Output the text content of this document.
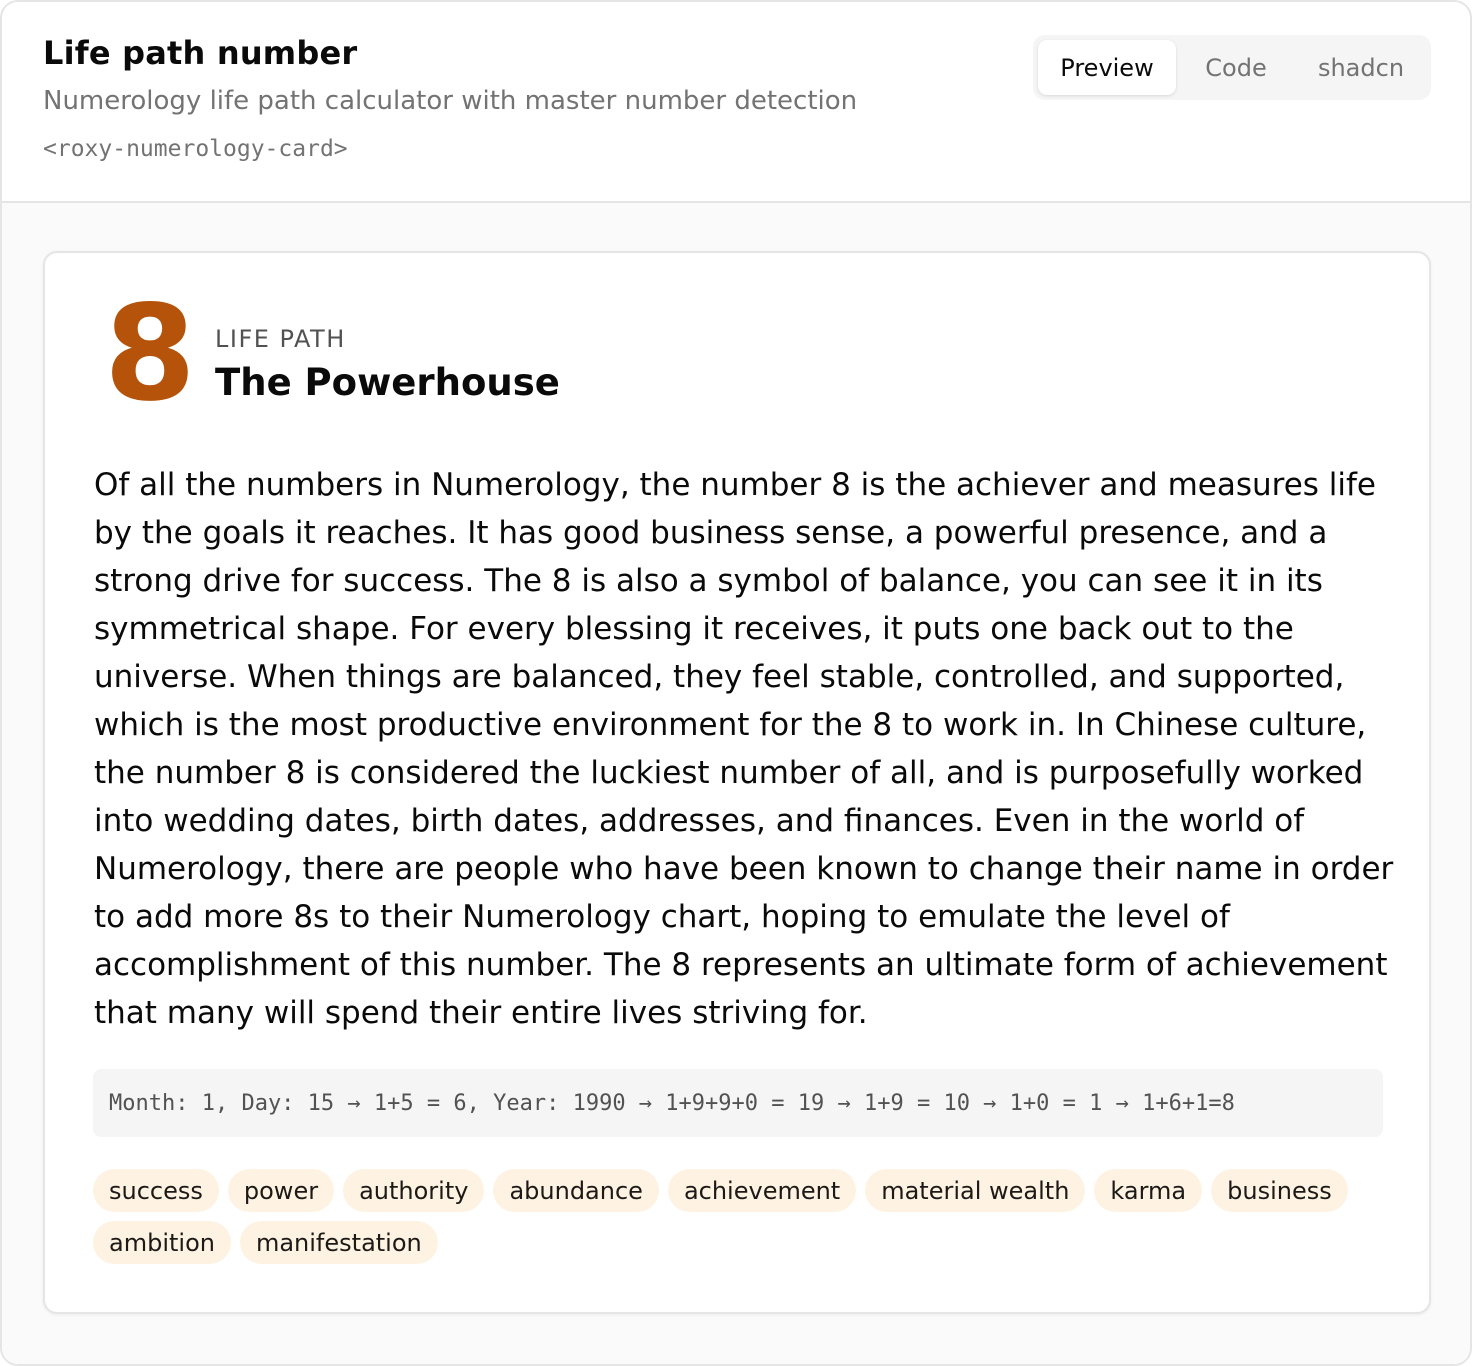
Life path number
Numerology life path calculator with master number detection
<roxy-numerology-card>
Preview	Code	shadcn
8 LIFE PATH
The Powerhouse

Of all the numbers in Numerology, the number 8 is the achiever and measures life by the goals it reaches. It has good business sense, a powerful presence, and a strong drive for success. The 8 is also a symbol of balance, you can see it in its symmetrical shape. For every blessing it receives, it puts one back out to the universe. When things are balanced, they feel stable, controlled, and supported, which is the most productive environment for the 8 to work in. In Chinese culture, the number 8 is considered the luckiest number of all, and is purposefully worked into wedding dates, birth dates, addresses, and finances. Even in the world of Numerology, there are people who have been known to change their name in order to add more 8s to their Numerology chart, hoping to emulate the level of accomplishment of this number. The 8 represents an ultimate form of achievement that many will spend their entire lives striving for.

Month: 1, Day: 15 → 1+5 = 6, Year: 1990 → 1+9+9+0 = 19 → 1+9 = 10 → 1+0 = 1 → 1+6+1=8
success	power	authority	abundance	achievement	material wealth	karma	business
ambition	manifestation
